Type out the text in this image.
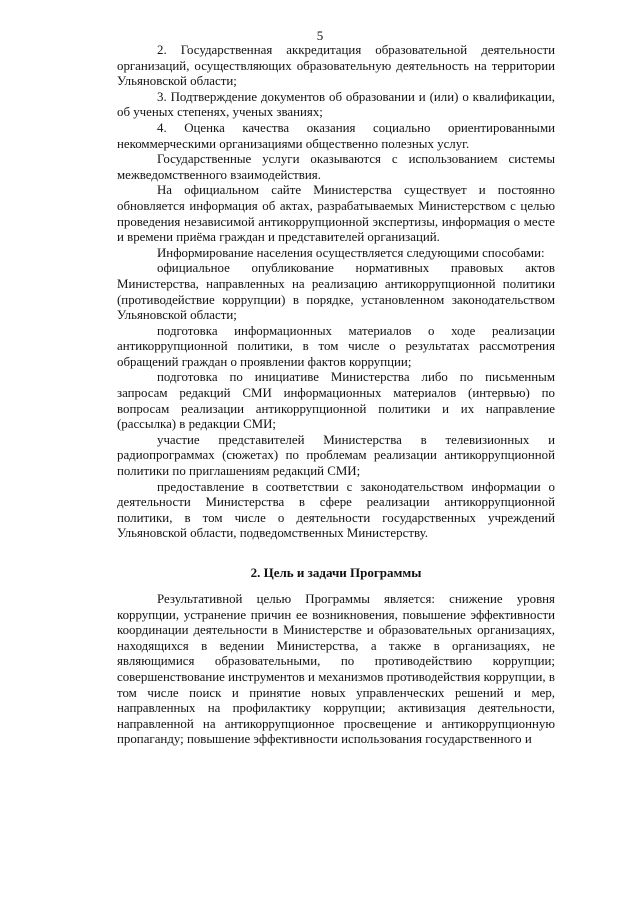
5

2. Государственная аккредитация образовательной деятельности организаций, осуществляющих образовательную деятельность на территории Ульяновской области;

3. Подтверждение документов об образовании и (или) о квалификации, об ученых степенях, ученых званиях;

4. Оценка качества оказания социально ориентированными некоммерческими организациями общественно полезных услуг.

Государственные услуги оказываются с использованием системы межведомственного взаимодействия.

На официальном сайте Министерства существует и постоянно обновляется информация об актах, разрабатываемых Министерством с целью проведения независимой антикоррупционной экспертизы, информация о месте и времени приёма граждан и представителей организаций.

Информирование населения осуществляется следующими способами:

официальное опубликование нормативных правовых актов Министерства, направленных на реализацию антикоррупционной политики (противодействие коррупции) в порядке, установленном законодательством Ульяновской области;

подготовка информационных материалов о ходе реализации антикоррупционной политики, в том числе о результатах рассмотрения обращений граждан о проявлении фактов коррупции;

подготовка по инициативе Министерства либо по письменным запросам редакций СМИ информационных материалов (интервью) по вопросам реализации антикоррупционной политики и их направление (рассылка) в редакции СМИ;

участие представителей Министерства в телевизионных и радиопрограммах (сюжетах) по проблемам реализации антикоррупционной политики по приглашениям редакций СМИ;

предоставление в соответствии с законодательством информации о деятельности Министерства в сфере реализации антикоррупционной политики, в том числе о деятельности государственных учреждений Ульяновской области, подведомственных Министерству.

2. Цель и задачи Программы

Результативной целью Программы является: снижение уровня коррупции, устранение причин ее возникновения, повышение эффективности координации деятельности в Министерстве и образовательных организациях, находящихся в ведении Министерства, а также в организациях, не являющимися образовательными, по противодействию коррупции; совершенствование инструментов и механизмов противодействия коррупции, в том числе поиск и принятие новых управленческих решений и мер, направленных на профилактику коррупции; активизация деятельности, направленной на антикоррупционное просвещение и антикоррупционную пропаганду; повышение эффективности использования государственного и
